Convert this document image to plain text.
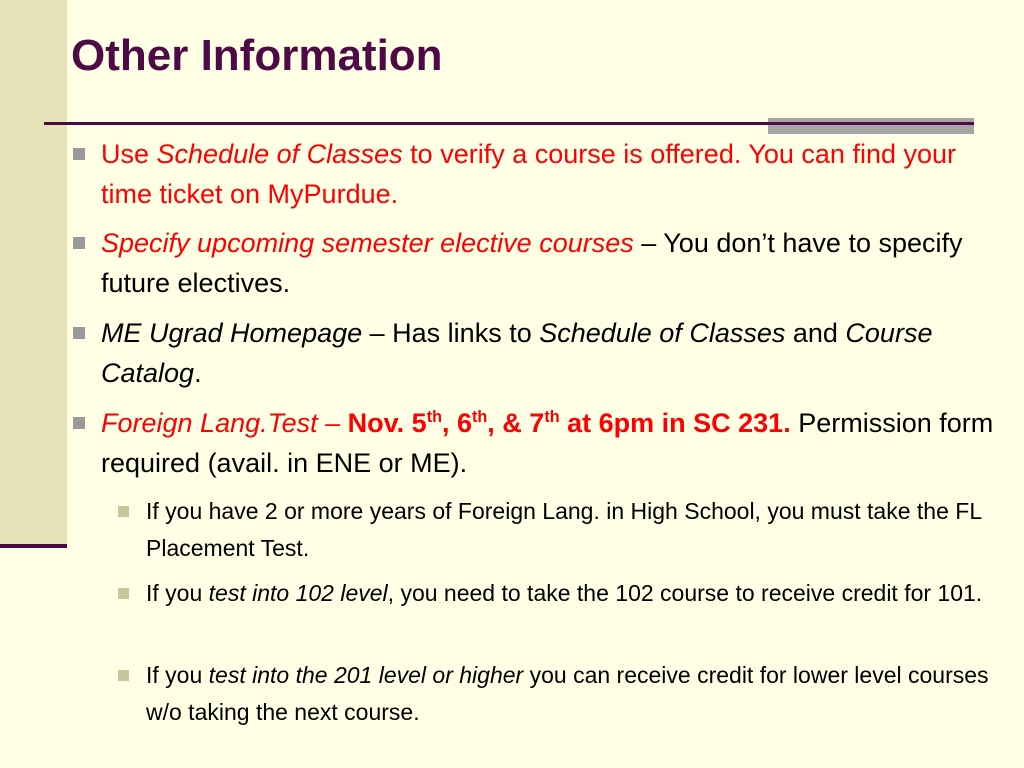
Other Information
Use Schedule of Classes to verify a course is offered. You can find your time ticket on MyPurdue.
Specify upcoming semester elective courses – You don’t have to specify future electives.
ME Ugrad Homepage – Has links to Schedule of Classes and Course Catalog.
Foreign Lang.Test – Nov. 5th, 6th, & 7th at 6pm in SC 231. Permission form required (avail. in ENE or ME).
If you have 2 or more years of Foreign Lang. in High School, you must take the FL Placement Test.
If you test into 102 level, you need to take the 102 course to receive credit for 101.
If you test into the 201 level or higher you can receive credit for lower level courses w/o taking the next course.
